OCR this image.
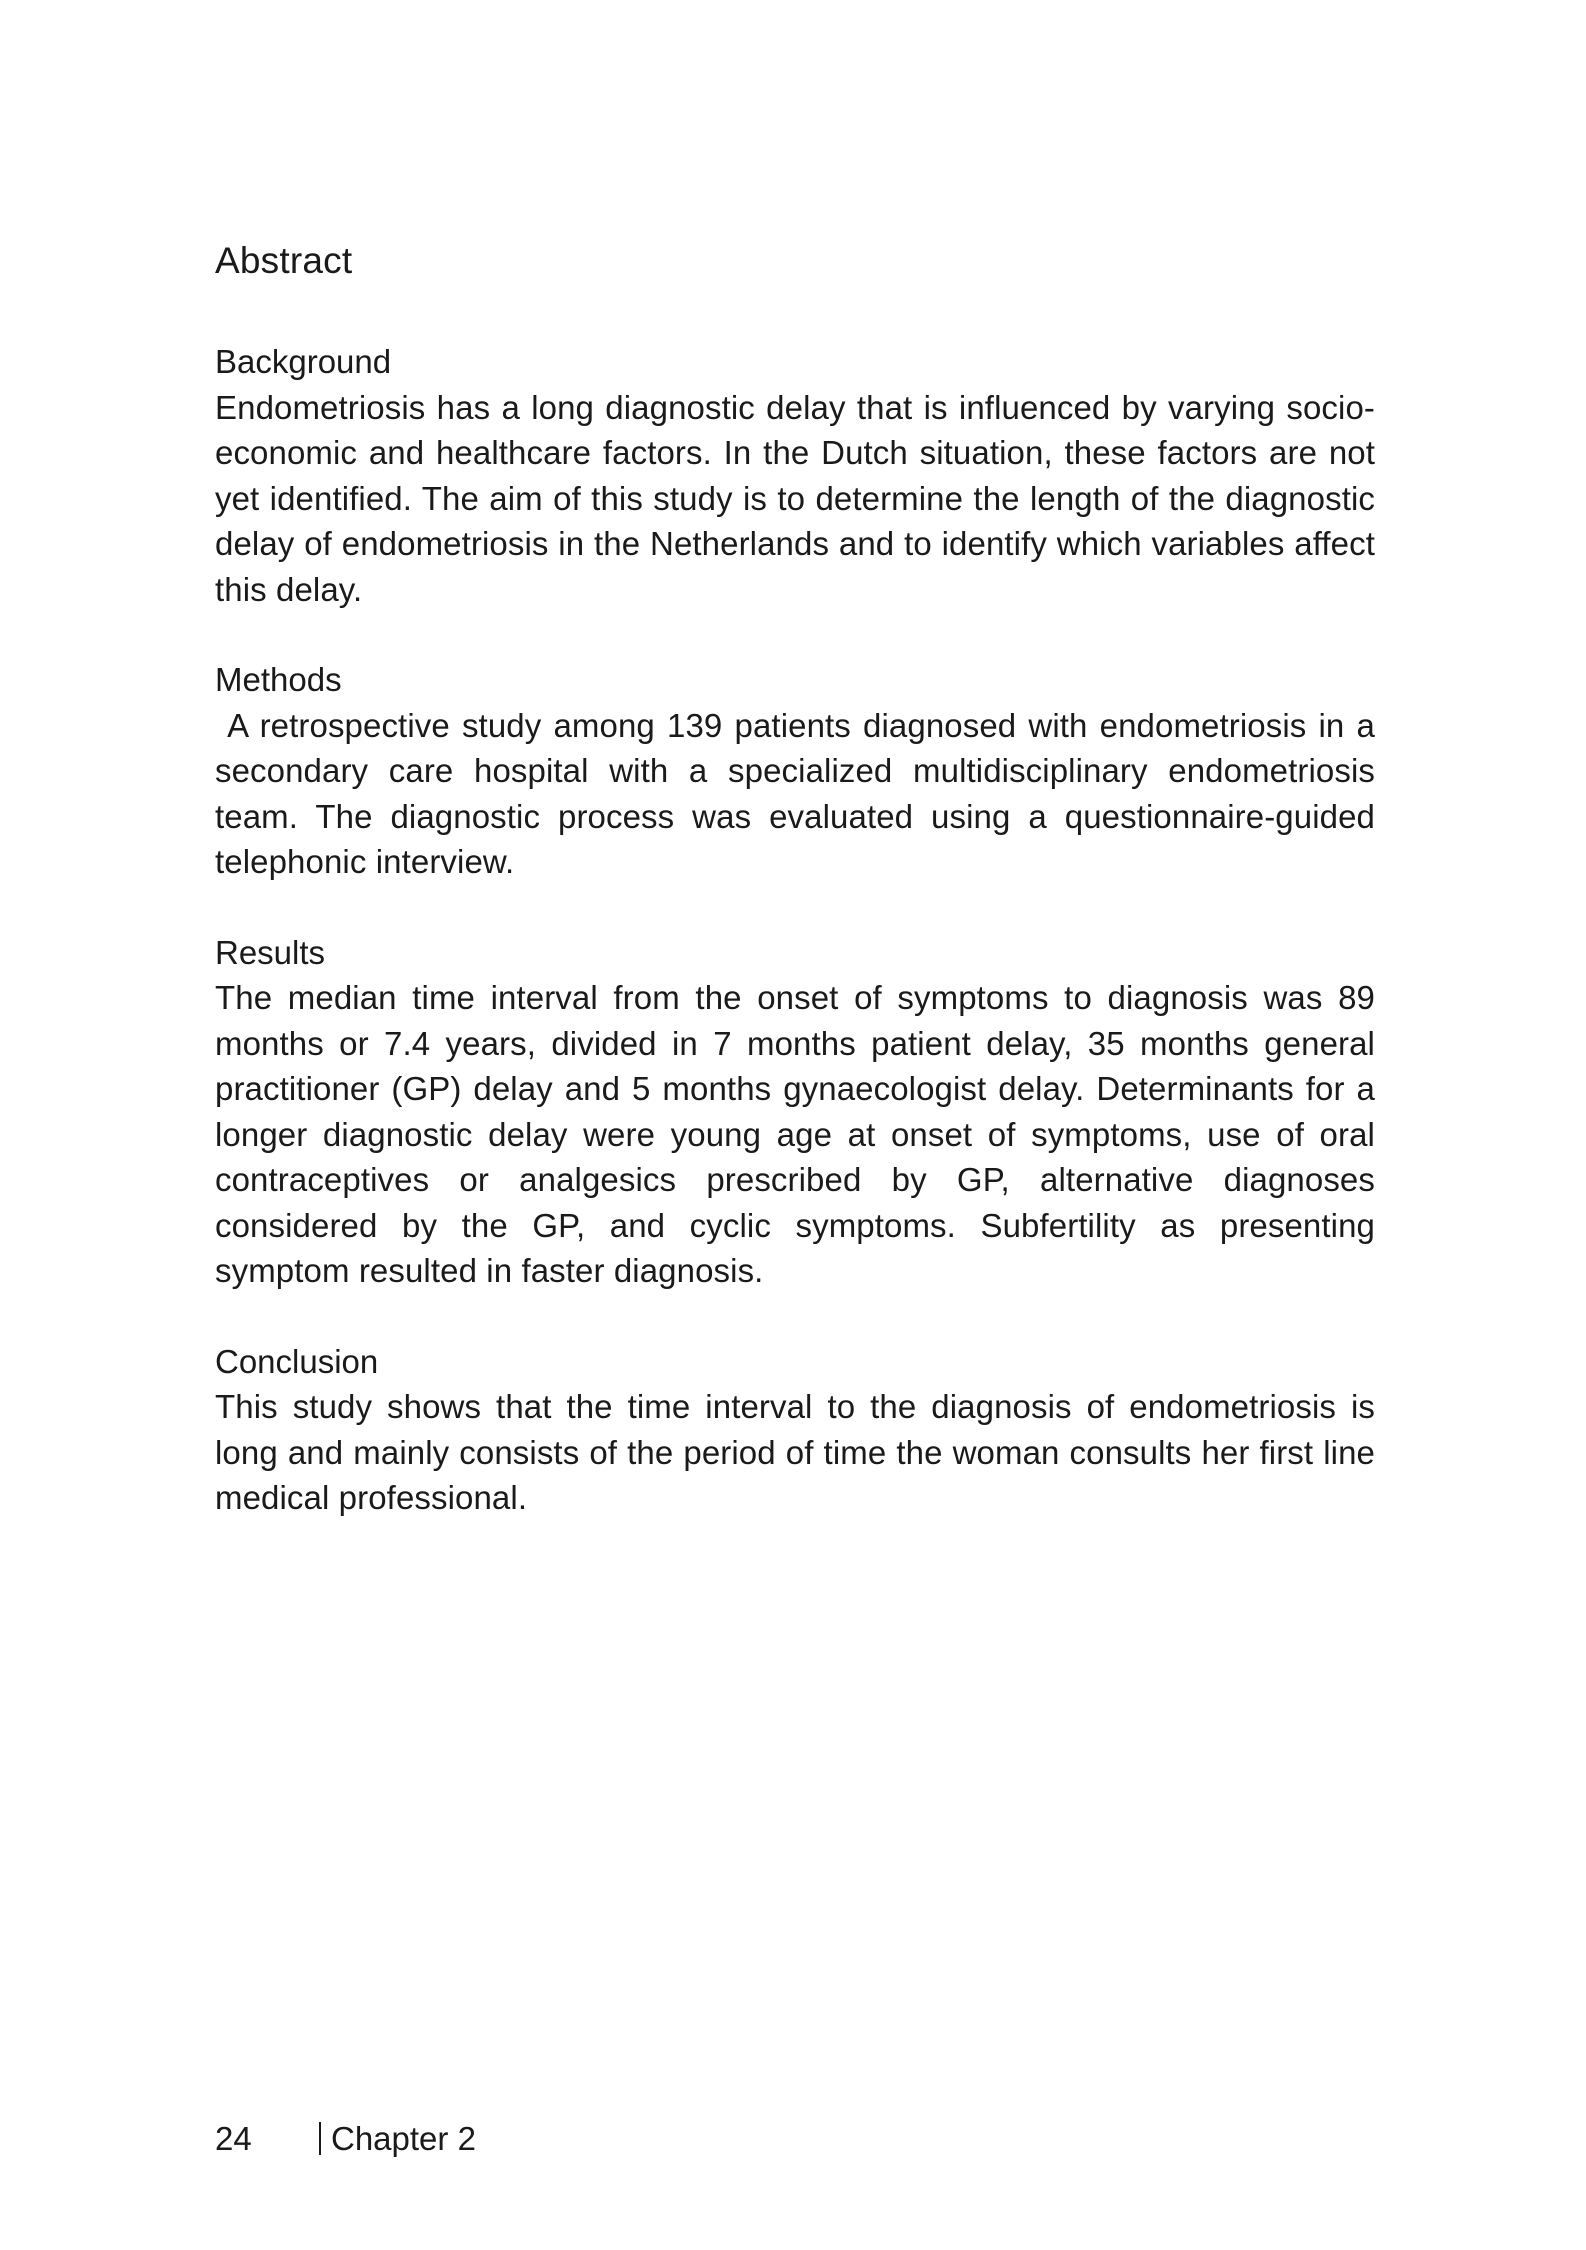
Abstract
Background

Endometriosis has a long diagnostic delay that is influenced by varying socio-economic and healthcare factors. In the Dutch situation, these factors are not yet identified. The aim of this study is to determine the length of the diagnostic delay of endometriosis in the Netherlands and to identify which variables affect this delay.

Methods

A retrospective study among 139 patients diagnosed with endometriosis in a secondary care hospital with a specialized multidisciplinary endometriosis team. The diagnostic process was evaluated using a questionnaire-guided telephonic interview.

Results

The median time interval from the onset of symptoms to diagnosis was 89 months or 7.4 years, divided in 7 months patient delay, 35 months general practitioner (GP) delay and 5 months gynaecologist delay. Determinants for a longer diagnostic delay were young age at onset of symptoms, use of oral contraceptives or analgesics prescribed by GP, alternative diagnoses considered by the GP, and cyclic symptoms. Subfertility as presenting symptom resulted in faster diagnosis.

Conclusion

This study shows that the time interval to the diagnosis of endometriosis is long and mainly consists of the period of time the woman consults her first line medical professional.

24	Chapter 2
